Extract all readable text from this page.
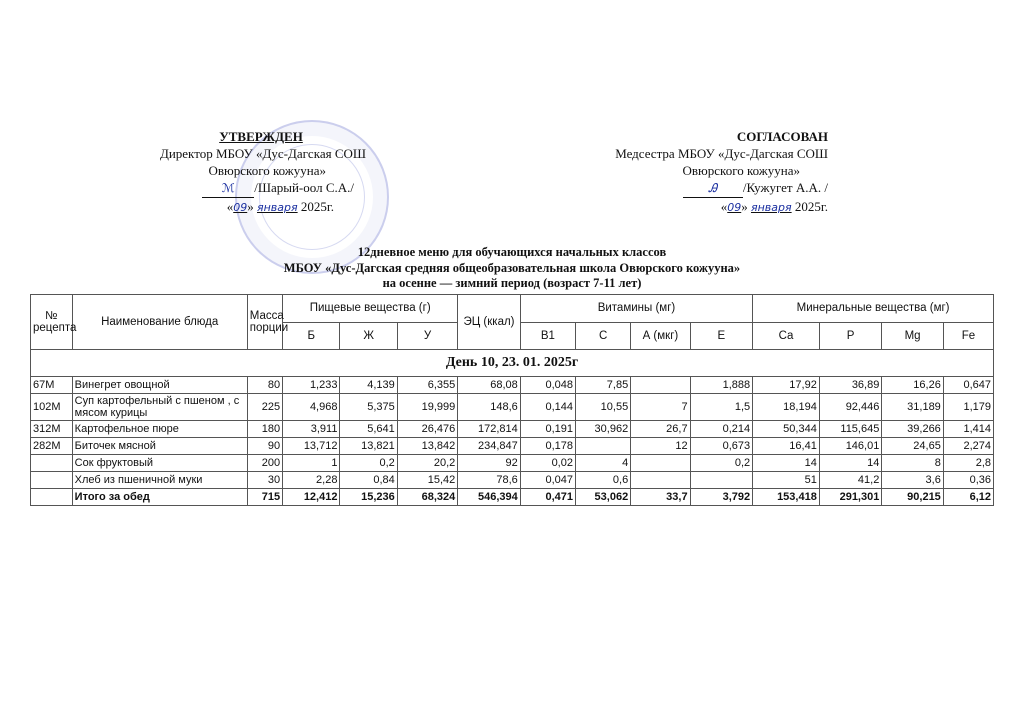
УТВЕРЖДЕН
Директор МБОУ «Дус-Дагская СОШ
Овюрского кожууна»
ℳ /Шарый-оол С.А./
«09» января 2025г.
СОГЛАСОВАН
Медсестра МБОУ «Дус-Дагская СОШ
Овюрского кожууна»
Ꭿ /Кужугет А.А. /
«09» января 2025г.
12дневное меню для обучающихся начальных классов
МБОУ «Дус-Дагская средняя общеобразовательная школа Овюрского кожууна»
на осенне — зимний период (возраст 7-11 лет)
№ рецепта	Наименование блюда	Масса порции	Пищевые вещества (г)			ЭЦ (ккал)	Витамины (мг)				Минеральные вещества (мг)			
			Б	Ж	У		В1	С	А (мкг)	Е	Са	Р	Mg	Fe
День 10, 23. 01. 2025г														
67М	Винегрет овощной	80	1,233	4,139	6,355	68,08	0,048	7,85		1,888	17,92	36,89	16,26	0,647
102М	Суп картофельный с пшеном , с мясом курицы	225	4,968	5,375	19,999	148,6	0,144	10,55	7	1,5	18,194	92,446	31,189	1,179
312М	Картофельное пюре	180	3,911	5,641	26,476	172,814	0,191	30,962	26,7	0,214	50,344	115,645	39,266	1,414
282М	Биточек мясной	90	13,712	13,821	13,842	234,847	0,178		12	0,673	16,41	146,01	24,65	2,274
	Сок фруктовый	200	1	0,2	20,2	92	0,02	4		0,2	14	14	8	2,8
	Хлеб из пшеничной муки	30	2,28	0,84	15,42	78,6	0,047	0,6			51	41,2	3,6	0,36
	Итого за обед	715	12,412	15,236	68,324	546,394	0,471	53,062	33,7	3,792	153,418	291,301	90,215	6,12
